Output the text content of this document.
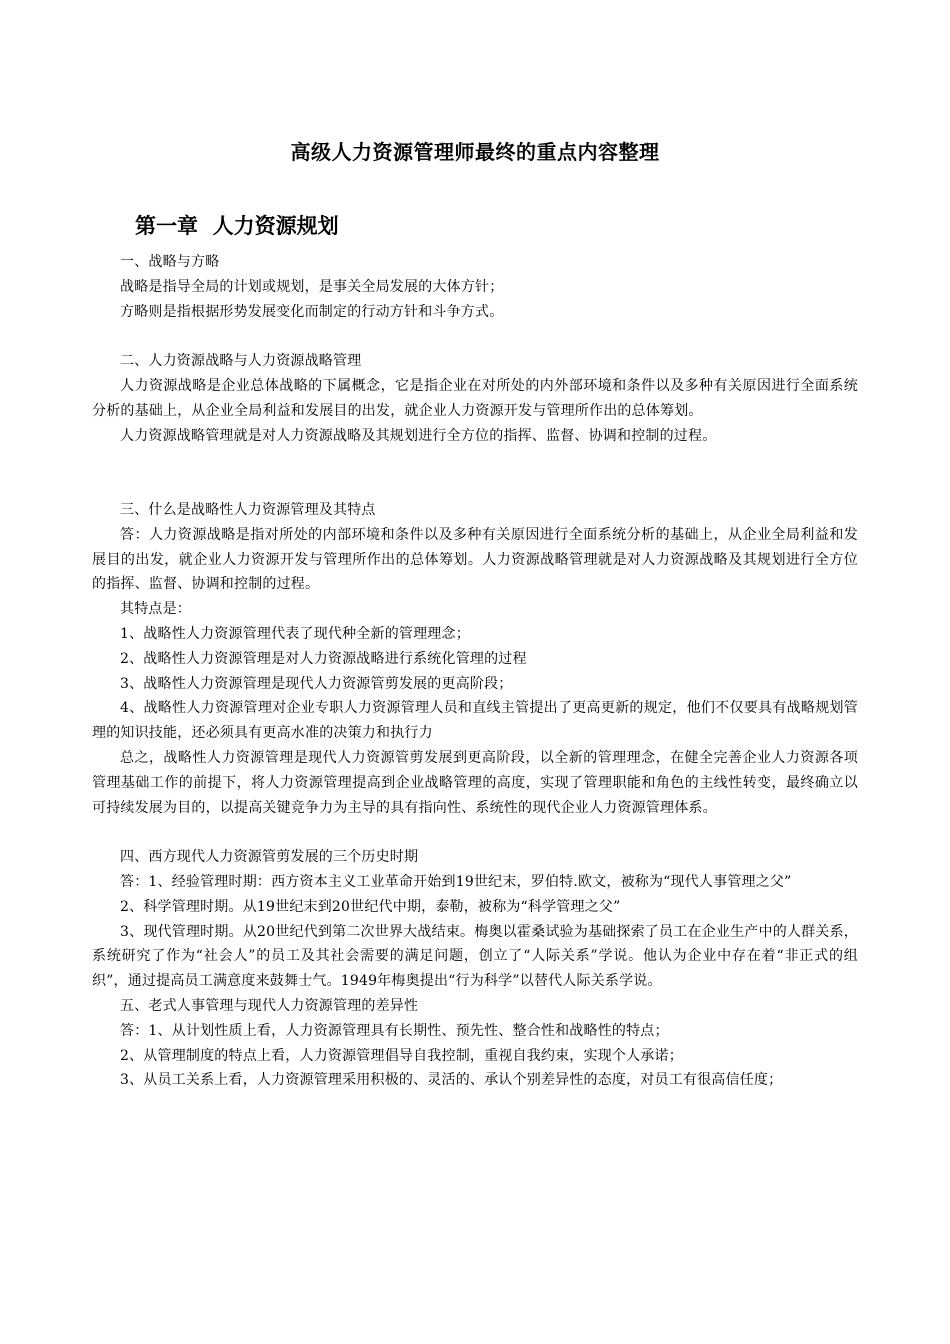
高级人力资源管理师最终的重点内容整理
第一章  人力资源规划

一、战略与方略

战略是指导全局的计划或规划，是事关全局发展的大体方针；

方略则是指根据形势发展变化而制定的行动方针和斗争方式。

二、人力资源战略与人力资源战略管理

人力资源战略是企业总体战略的下属概念，它是指企业在对所处的内外部环境和条件以及多种有关原因进行全面系统分析的基础上，从企业全局利益和发展目的出发，就企业人力资源开发与管理所作出的总体筹划。

人力资源战略管理就是对人力资源战略及其规划进行全方位的指挥、监督、协调和控制的过程。

三、什么是战略性人力资源管理及其特点

答：人力资源战略是指对所处的内部环境和条件以及多种有关原因进行全面系统分析的基础上，从企业全局利益和发展目的出发，就企业人力资源开发与管理所作出的总体筹划。人力资源战略管理就是对人力资源战略及其规划进行全方位的指挥、监督、协调和控制的过程。

其特点是：

1、战略性人力资源管理代表了现代种全新的管理理念；

2、战略性人力资源管理是对人力资源战略进行系统化管理的过程

3、战略性人力资源管理是现代人力资源管剪发展的更高阶段；

4、战略性人力资源管理对企业专职人力资源管理人员和直线主管提出了更高更新的规定，他们不仅要具有战略规划管理的知识技能，还必须具有更高水准的决策力和执行力

总之，战略性人力资源管理是现代人力资源管剪发展到更高阶段，以全新的管理理念，在健全完善企业人力资源各项管理基础工作的前提下，将人力资源管理提高到企业战略管理的高度，实现了管理职能和角色的主线性转变，最终确立以可持续发展为目的，以提高关键竞争力为主导的具有指向性、系统性的现代企业人力资源管理体系。

四、西方现代人力资源管剪发展的三个历史时期

答：1、经验管理时期：西方资本主义工业革命开始到19世纪末，罗伯特.欧文，被称为“现代人事管理之父”

2、科学管理时期。从19世纪末到20世纪代中期，泰勒，被称为“科学管理之父”

3、现代管理时期。从20世纪代到第二次世界大战结束。梅奥以霍桑试验为基础探索了员工在企业生产中的人群关系，系统研究了作为“社会人”的员工及其社会需要的满足问题，创立了“人际关系”学说。他认为企业中存在着“非正式的组织”，通过提高员工满意度来鼓舞士气。1949年梅奥提出“行为科学”以替代人际关系学说。

五、老式人事管理与现代人力资源管理的差异性

答：1、从计划性质上看，人力资源管理具有长期性、预先性、整合性和战略性的特点；

2、从管理制度的特点上看，人力资源管理倡导自我控制，重视自我约束，实现个人承诺；

3、从员工关系上看，人力资源管理采用积极的、灵活的、承认个别差异性的态度，对员工有很高信任度；
